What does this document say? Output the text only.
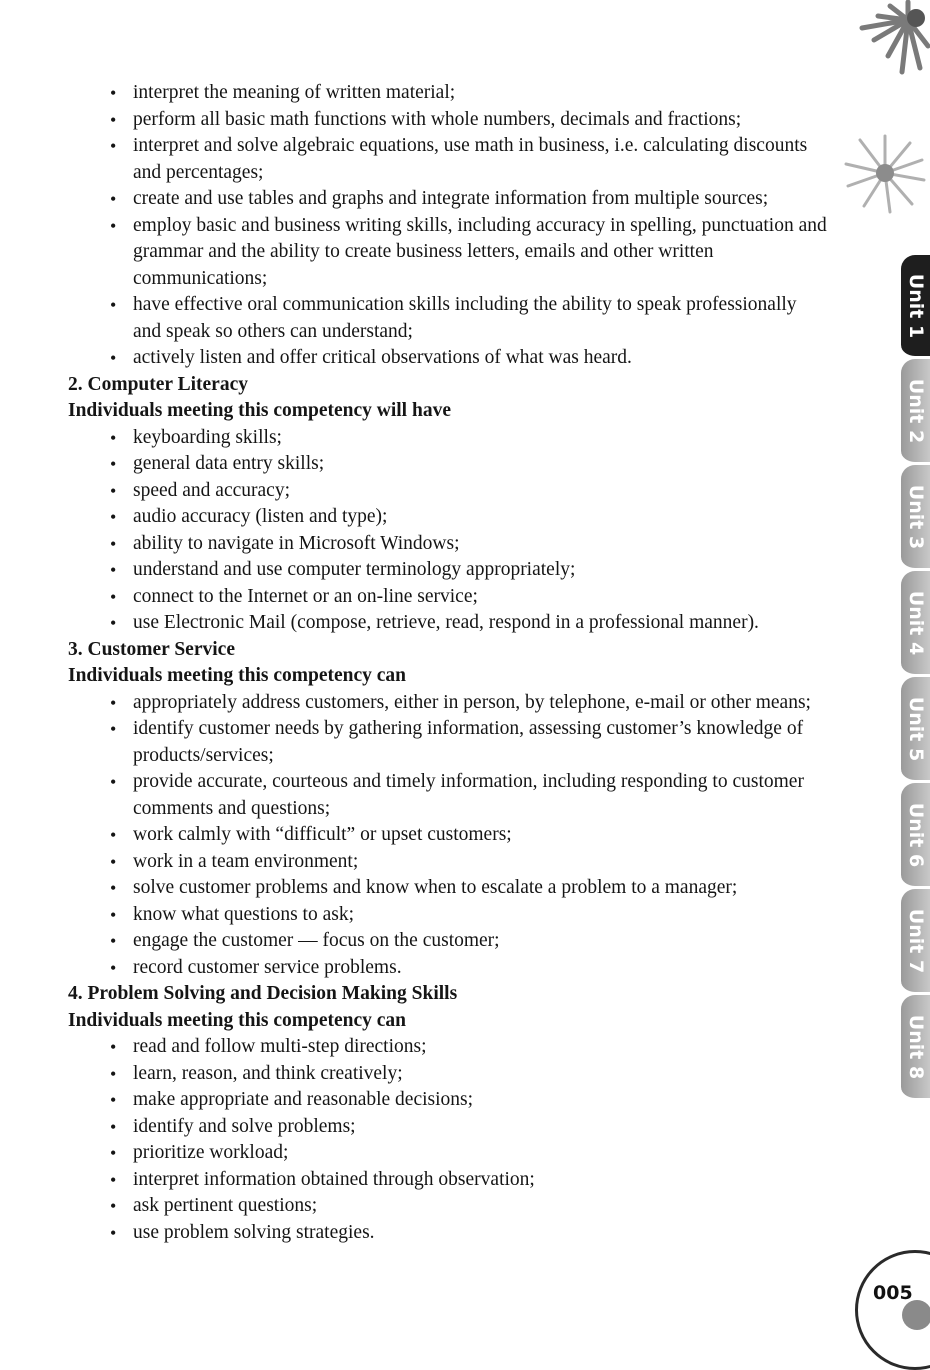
• interpret the meaning of written material;
• perform all basic math functions with whole numbers, decimals and fractions;
• interpret and solve algebraic equations, use math in business, i.e. calculating discounts and percentages;
• create and use tables and graphs and integrate information from multiple sources;
• employ basic and business writing skills, including accuracy in spelling, punctuation and grammar and the ability to create business letters, emails and other written communications;
• have effective oral communication skills including the ability to speak professionally and speak so others can understand;
• actively listen and offer critical observations of what was heard.

2. Computer Literacy

Individuals meeting this competency will have

• keyboarding skills;
• general data entry skills;
• speed and accuracy;
• audio accuracy (listen and type);
• ability to navigate in Microsoft Windows;
• understand and use computer terminology appropriately;
• connect to the Internet or an on-line service;
• use Electronic Mail (compose, retrieve, read, respond in a professional manner).

3. Customer Service

Individuals meeting this competency can

• appropriately address customers, either in person, by telephone, e-mail or other means;
• identify customer needs by gathering information, assessing customer’s knowledge of products/services;
• provide accurate, courteous and timely information, including responding to customer comments and questions;
• work calmly with “difficult” or upset customers;
• work in a team environment;
• solve customer problems and know when to escalate a problem to a manager;
• know what questions to ask;
• engage the customer — focus on the customer;
• record customer service problems.

4. Problem Solving and Decision Making Skills

Individuals meeting this competency can

• read and follow multi-step directions;
• learn, reason, and think creatively;
• make appropriate and reasonable decisions;
• identify and solve problems;
• prioritize workload;
• interpret information obtained through observation;
• ask pertinent questions;
• use problem solving strategies.
Unit 1
Unit 2
Unit 3
Unit 4
Unit 5
Unit 6
Unit 7
Unit 8
005
